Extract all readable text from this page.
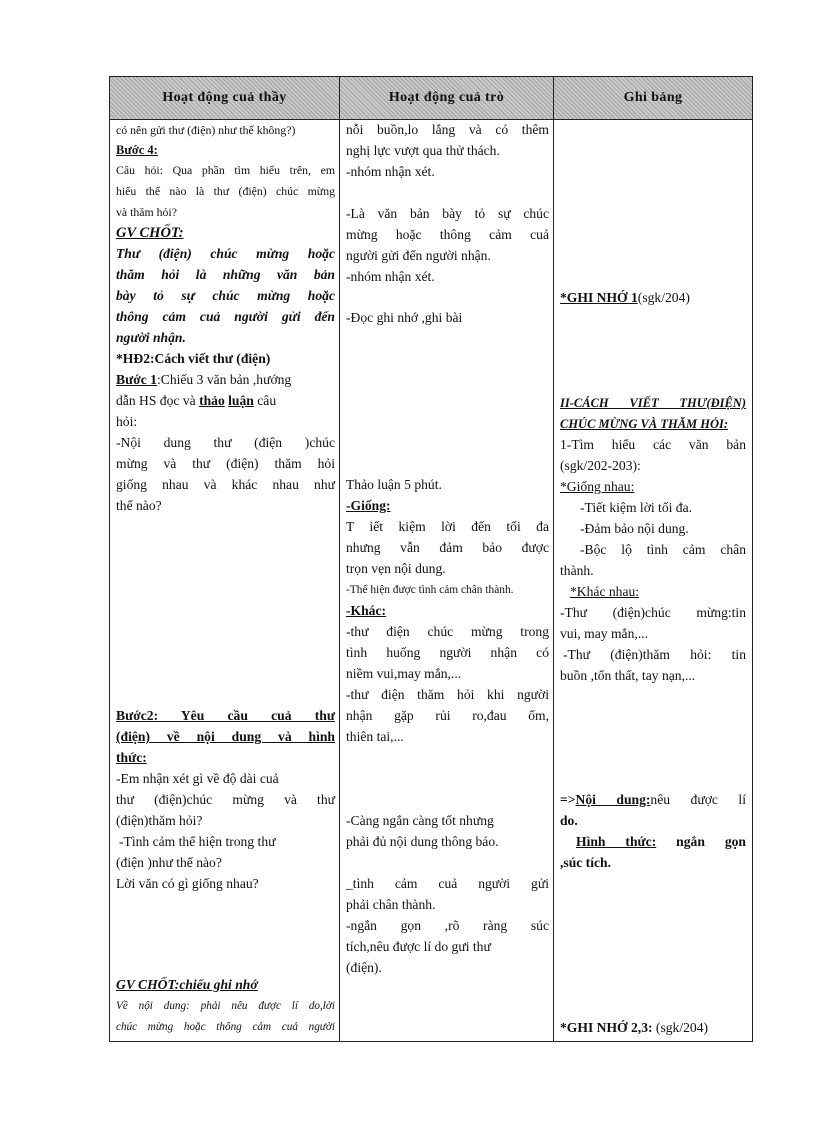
Hoạt động cuả thầy	Hoạt động cuả trò	Ghi bảng

có nên gửi thư (điện) như thế không?)

Bước 4:

Câu hỏi: Qua phần tìm hiểu trên, em

hiểu thế nào là thư (điện) chúc mừng

và thăm hỏi?

GV CHỐT:

Thư (điện) chúc mừng hoặc

thăm hỏi là những văn bản

bày tỏ sự chúc mừng hoặc

thông cảm cuả người gửi đến

người nhận.

*HĐ2:Cách viết thư (điện)

Bước 1:Chiếu 3 văn bản ,hướng

dẫn HS đọc và thảo luận câu

hỏi:

-Nội dung thư (điện )chúc

mừng và thư (điện) thăm hỏi

giống nhau và khác nhau như

thế nào?

Bước2: Yêu cầu cuả thư

(điện) về nội dung và hình

thức:

-Em nhận xét gì về độ dài cuả

thư (điện)chúc mừng và thư

(điện)thăm hỏi?

-Tình cảm thể hiện trong thư

(điện )như thế nào?

Lời văn có gì giống nhau?

GV CHỐT:chiếu ghi nhớ

Về nội dung: phải nêu được lí do,lời

chúc mừng hoặc thông cảm cuả người

nỗi buồn,lo lắng và có thêm

nghị lực vượt qua thử thách.

-nhóm nhận xét.

-Là văn bản bày tỏ sự chúc

mừng hoặc thông cảm cuả

người gửi đến người nhận.

-nhóm nhận xét.

-Đọc ghi nhớ ,ghi bài

Thảo luận 5 phút.

-Giống:

T iết kiệm lời đến tối đa

nhưng vẫn đảm bảo được

trọn vẹn nội dung.

-Thể hiện được tình cảm chân thành.

-Khác:

-thư điện chúc mừng trong

tình huống người nhận có

niềm vui,may mắn,...

-thư điện thăm hỏi khi người

nhận gặp rủi ro,đau ốm,

thiên tai,...

-Càng ngắn càng tốt nhưng

phải đủ nội dung thông báo.

_tình cảm cuả người gửi

phải chân thành.

-ngắn gọn ,rõ ràng súc

tích,nêu được lí do gưi thư

(điện).

*GHI NHỚ 1(sgk/204)

II-CÁCH VIẾT THƯ(ĐIỆN)

CHÚC MỪNG VÀ THĂM HỎI:

1-Tìm hiểu các văn bản

(sgk/202-203):

*Giống nhau:

-Tiết kiệm lời tối đa.

-Đảm bảo nội dung.

-Bộc lộ tình cảm chân

thành.

*Khác nhau:

-Thư (điện)chúc mừng:tin

vui, may mắn,...

-Thư (điện)thăm hỏi: tin

buồn ,tổn thất, tay nạn,...

=>Nội dung:nêu được lí

do.

Hình thức: ngắn gọn

,súc tích.

*GHI NHỚ 2,3: (sgk/204)
